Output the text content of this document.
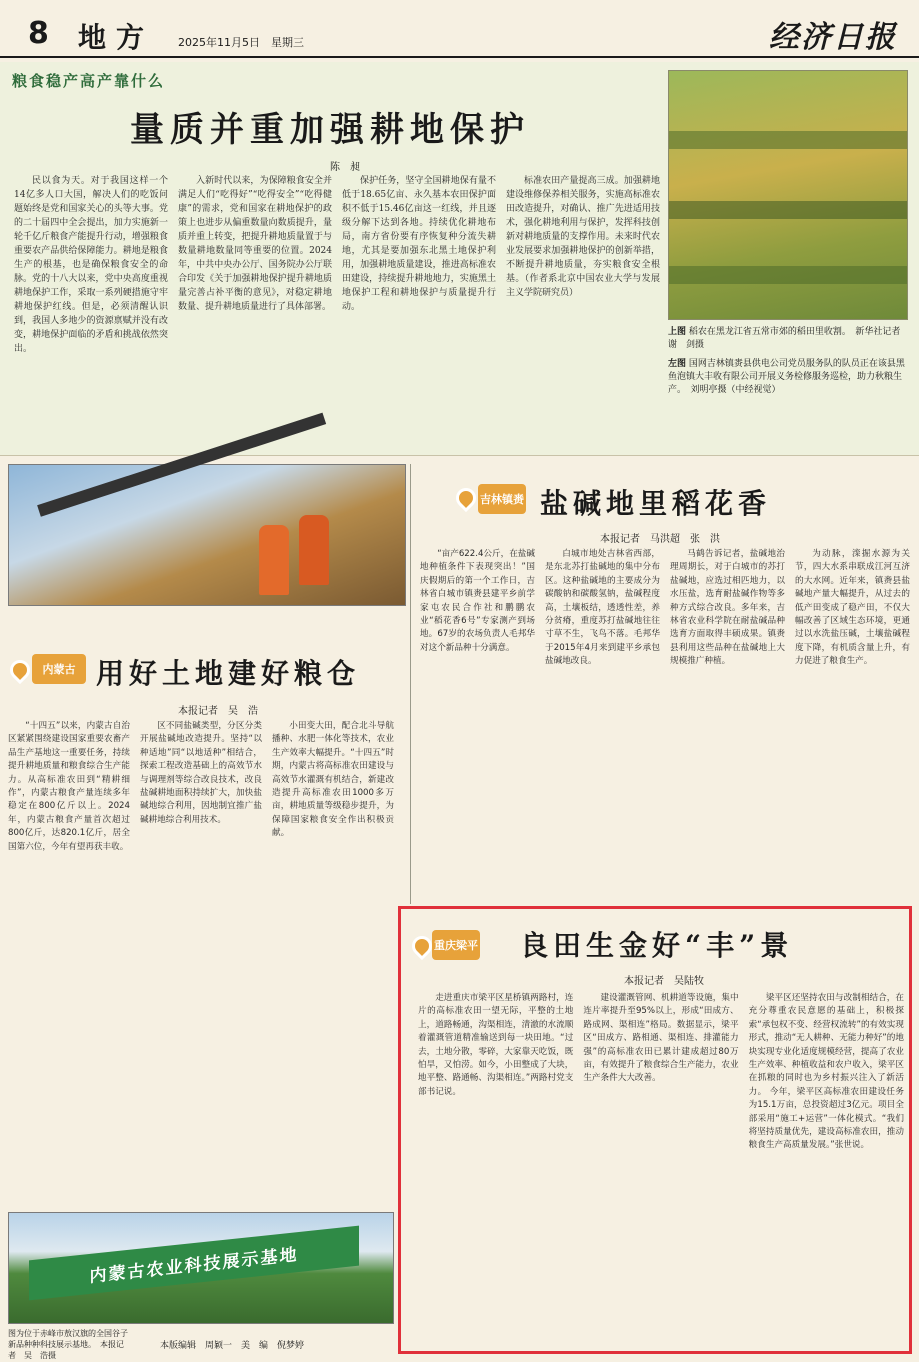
8 地方 2025年11月5日　星期三	经济日报
粮食稳产高产靠什么
量质并重加强耕地保护
陈　昶

民以食为天。对于我国这样一个14亿多人口大国，解决人们的吃饭问题始终是党和国家关心的头等大事。党的二十届四中全会提出，加力实施新一轮千亿斤粮食产能提升行动，增强粮食重要农产品供给保障能力。耕地是粮食生产的根基，也是确保粮食安全的命脉。党的十八大以来，党中央高度重视耕地保护工作，采取一系列硬措施守牢耕地保护红线。但是，必须清醒认识到，我国人多地少的资源禀赋并没有改变，耕地保护面临的矛盾和挑战依然突出。

入新时代以来，为保障粮食安全并满足人们“吃得好”“吃得安全”“吃得健康”的需求，党和国家在耕地保护的政策上也进步从偏重数量向数质提升，量质并重上转变，把提升耕地质量置于与数量耕地数量同等重要的位置。2024年，中共中央办公厅、国务院办公厅联合印发《关于加强耕地保护提升耕地质量完善占补平衡的意见》，对稳定耕地数量、提升耕地质量进行了具体部署。

保护任务，坚守全国耕地保有量不低于18.65亿亩、永久基本农田保护面积不低于15.46亿亩这一红线，并且逐级分解下达到各地。持续优化耕地布局，南方省份要有序恢复种分流失耕地，尤其是要加强东北黑土地保护利用，加强耕地质量建设，推进高标准农田建设，持续提升耕地地力，实施黑土地保护工程和耕地保护与质量提升行动。

标准农田产量提高三成。加强耕地建设维修保养相关服务，实施高标准农田改造提升，对确认、推广先进适用技术，强化耕地利用与保护，发挥科技创新对耕地质量的支撑作用。未来时代农业发展要求加强耕地保护的创新举措，不断提升耕地质量，夯实粮食安全根基。（作者系北京中国农业大学与发展主义学院研究员）

上图 稻农在黑龙江省五常市郊的稻田里收割。　新华社记者　谢　剑摄
左图 国网吉林镇赉县供电公司党员服务队的队员正在该县黑鱼泡镇大丰收有限公司开展义务检修服务巡检，助力秋粮生产。　刘明亭摄（中经视觉）
吉林镇赉 盐碱地里稻花香
本报记者　马洪超　张　洪

“亩产622.4公斤，在盐碱地种植条件下表现突出！”国庆假期后的第一个工作日，吉林省白城市镇赉县建平乡前学家屯农民合作社和鹏鹏农业“稻花香6号”专家测产到场地。67岁的农场负责人毛邦华对这个新品种十分满意。

白城市地处吉林省西部，是东北苏打盐碱地的集中分布区。这种盐碱地的主要成分为碳酸钠和碳酸氢钠，盐碱程度高，土壤板结，透透性差，养分贫瘠，重度苏打盐碱地往往寸草不生，飞鸟不落。毛邦华于2015年4月来到建平乡承包盐碱地改良。

马鹤告诉记者，盐碱地治理周期长，对于白城市的苏打盐碱地，应选过相匹地力，以水压盐，选育耐盐碱作物等多种方式综合改良。多年来，吉林省农业科学院在耐盐碱品种选育方面取得丰硕成果。镇赉县利用这些品种在盐碱地上大规模推广种植。

为动脉，滦掘水源为关节，四大水系串联成江河互济的大水网。近年来，镇赉县盐碱地产量大幅提升，从过去的低产田变成了稳产田，不仅大幅改善了区域生态环境，更通过以水洗盐压碱，土壤盐碱程度下降，有机质含量上升，有力促进了粮食生产。

内蒙古 用好土地建好粮仓
本报记者　吴　浩

“十四五”以来，内蒙古自治区紧紧围绕建设国家重要农畜产品生产基地这一重要任务，持续提升耕地质量和粮食综合生产能力。从高标准农田到“精耕细作”，内蒙古粮食产量连续多年稳定在800亿斤以上。2024年，内蒙古粮食产量首次超过800亿斤，达820.1亿斤，居全国第六位，今年有望再获丰收。

区不同盐碱类型，分区分类开展盐碱地改造提升。坚持“以种适地”同“以地适种”相结合，探索工程改造基础上的高效节水与调理剂等综合改良技术，改良盐碱耕地面积持续扩大，加快盐碱地综合利用，因地制宜推广盐碱耕地综合利用技术。

小田变大田，配合北斗导航播种、水肥一体化等技术，农业生产效率大幅提升。“十四五”时期，内蒙古将高标准农田建设与高效节水灌溉有机结合，新建改造提升高标准农田1000多万亩，耕地质量等级稳步提升，为保障国家粮食安全作出积极贡献。

内蒙古农业科技展示基地
图为位于赤峰市敖汉旗的全国谷子新品种种科技展示基地。　本报记者　吴　浩摄
本版编辑　周颖一　美　编　倪梦婷
重庆梁平 良田生金好“丰”景
本报记者　吴陆牧

走进重庆市梁平区星桥镇两路村，连片的高标准农田一望无际，平整的土地上，道路畅通，沟渠相连，清澈的水流顺着灌溉管道精准输送到每一块田地。“过去，土地分散，零碎，大家靠天吃饭，既怕旱，又怕涝。如今，小田整成了大块，地平整、路通畅、沟渠相连。”两路村党支部书记说。

建设灌溉管网、机耕道等设施，集中连片率提升至95%以上，形成“田成方、路成网、渠相连”格局。数据显示，梁平区“田成方、路相通、渠相连、排灌能力强”的高标准农田已累计建成超过80万亩，有效提升了粮食综合生产能力，农业生产条件大大改善。

梁平区还坚持农田与改制相结合，在充分尊重农民意愿的基础上，积极探索“承包权不变、经营权流转”的有效实现形式，推动“无人耕种、无能力种好”的地块实现专业化适度规模经营，提高了农业生产效率、种植收益和农户收入，梁平区在抓粮的同时也为乡村振兴注入了新活力。 今年，梁平区高标准农田建设任务为15.1万亩，总投资超过3亿元。项目全部采用“施工+运营”一体化模式。“我们将坚持质量优先，建设高标准农田，推动粮食生产高质量发展。”张世说。
